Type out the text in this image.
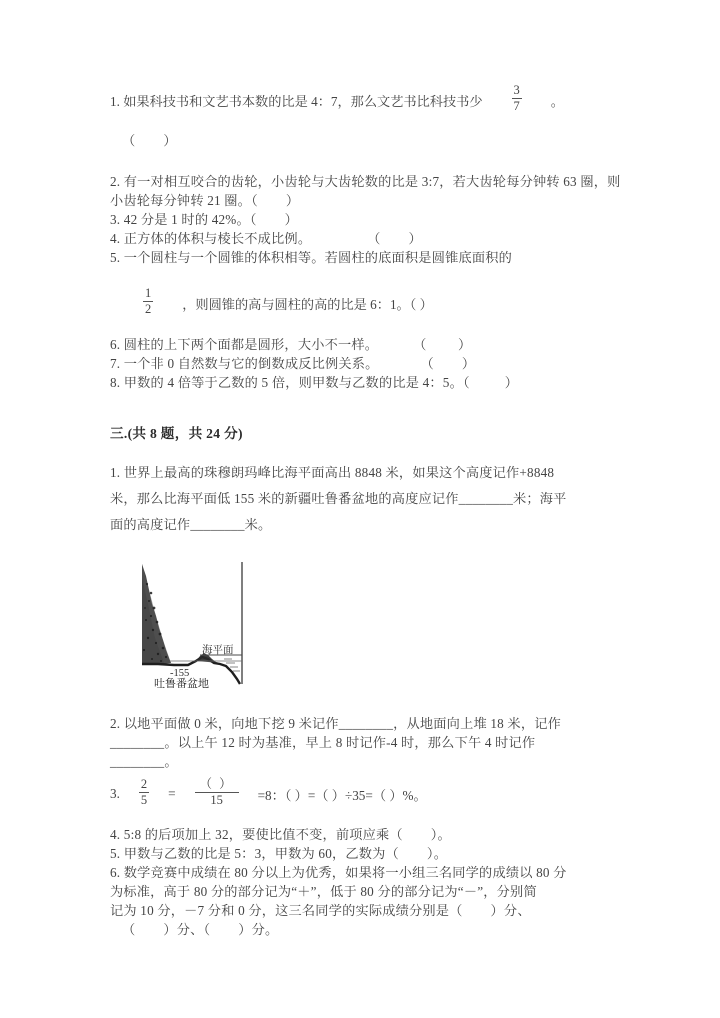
1. 如果科技书和文艺书本数的比是 4：7，那么文艺书比科技书少 $\frac{3}{7}$ 。
（        ）
2. 有一对相互咬合的齿轮，小齿轮与大齿轮数的比是 3:7，若大齿轮每分钟转 63 圈，则小齿轮每分钟转 21 圈。（        ）
3. 42 分是 1 时的 42%。（        ）
4. 正方体的体积与棱长不成比例。                （        ）
5. 一个圆柱与一个圆锥的体积相等。若圆柱的底面积是圆锥底面积的
$\frac{1}{2}$ ，则圆锥的高与圆柱的高的比是 6：1。（ ）
6. 圆柱的上下两个面都是圆形，大小不一样。          （         ）
7. 一个非 0 自然数与它的倒数成反比例关系。            （        ）
8. 甲数的 4 倍等于乙数的 5 倍，则甲数与乙数的比是 4：5。（          ）
三.(共 8 题，共 24 分)
1. 世界上最高的珠穆朗玛峰比海平面高出 8848 米，如果这个高度记作+8848
米，那么比海平面低 155 米的新疆吐鲁番盆地的高度应记作________米；海平
面的高度记作________米。
海平面
-155
吐鲁番盆地
2. 以地平面做 0 米，向地下挖 9 米记作________，从地面向上堆 18 米，记作
________。以上午 12 时为基准，早上 8 时记作-4 时，那么下午 4 时记作
________。
3. $\frac{2}{5} = \frac{( )}{15} =8$：（ ）=（ ）÷35=（ ）%。
4. 5:8 的后项加上 32，要使比值不变，前项应乘（        ）。
5. 甲数与乙数的比是 5：3，甲数为 60，乙数为（        ）。
6. 数学竞赛中成绩在 80 分以上为优秀，如果将一小组三名同学的成绩以 80 分
为标准，高于 80 分的部分记为“＋”，低于 80 分的部分记为“－”，分别简
记为 10 分，－7 分和 0 分，这三名同学的实际成绩分别是（        ）分、
（        ）分、（        ）分。
